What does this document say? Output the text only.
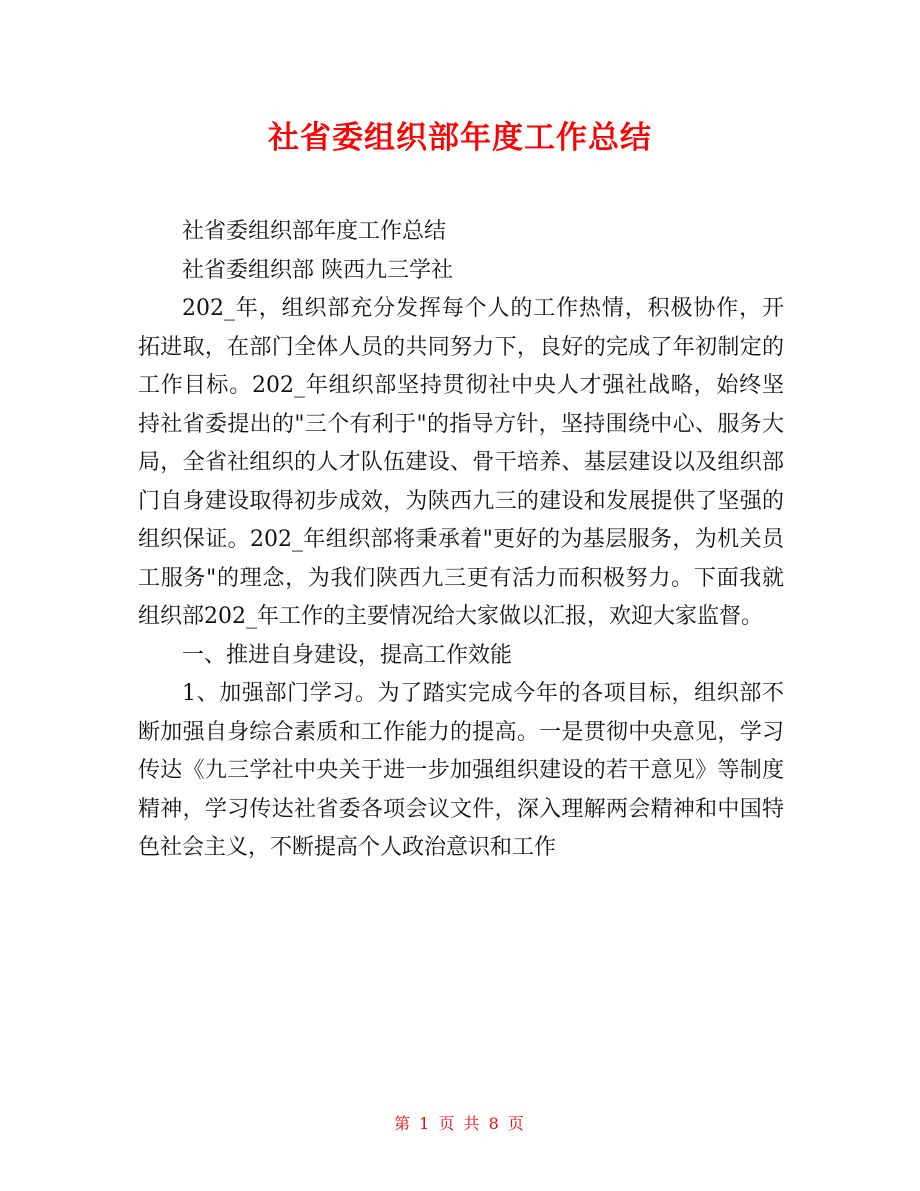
社省委组织部年度工作总结

社省委组织部年度工作总结

社省委组织部 陕西九三学社

202_年，组织部充分发挥每个人的工作热情，积极协作，开拓进取，在部门全体人员的共同努力下，良好的完成了年初制定的工作目标。202_年组织部坚持贯彻社中央人才强社战略，始终坚持社省委提出的"三个有利于"的指导方针，坚持围绕中心、服务大局，全省社组织的人才队伍建设、骨干培养、基层建设以及组织部门自身建设取得初步成效，为陕西九三的建设和发展提供了坚强的组织保证。202_年组织部将秉承着"更好的为基层服务，为机关员工服务"的理念，为我们陕西九三更有活力而积极努力。下面我就组织部202_年工作的主要情况给大家做以汇报，欢迎大家监督。

一、推进自身建设，提高工作效能

1、加强部门学习。为了踏实完成今年的各项目标，组织部不断加强自身综合素质和工作能力的提高。一是贯彻中央意见，学习传达《九三学社中央关于进一步加强组织建设的若干意见》等制度精神，学习传达社省委各项会议文件，深入理解两会精神和中国特色社会主义，不断提高个人政治意识和工作

第 1 页 共 8 页
